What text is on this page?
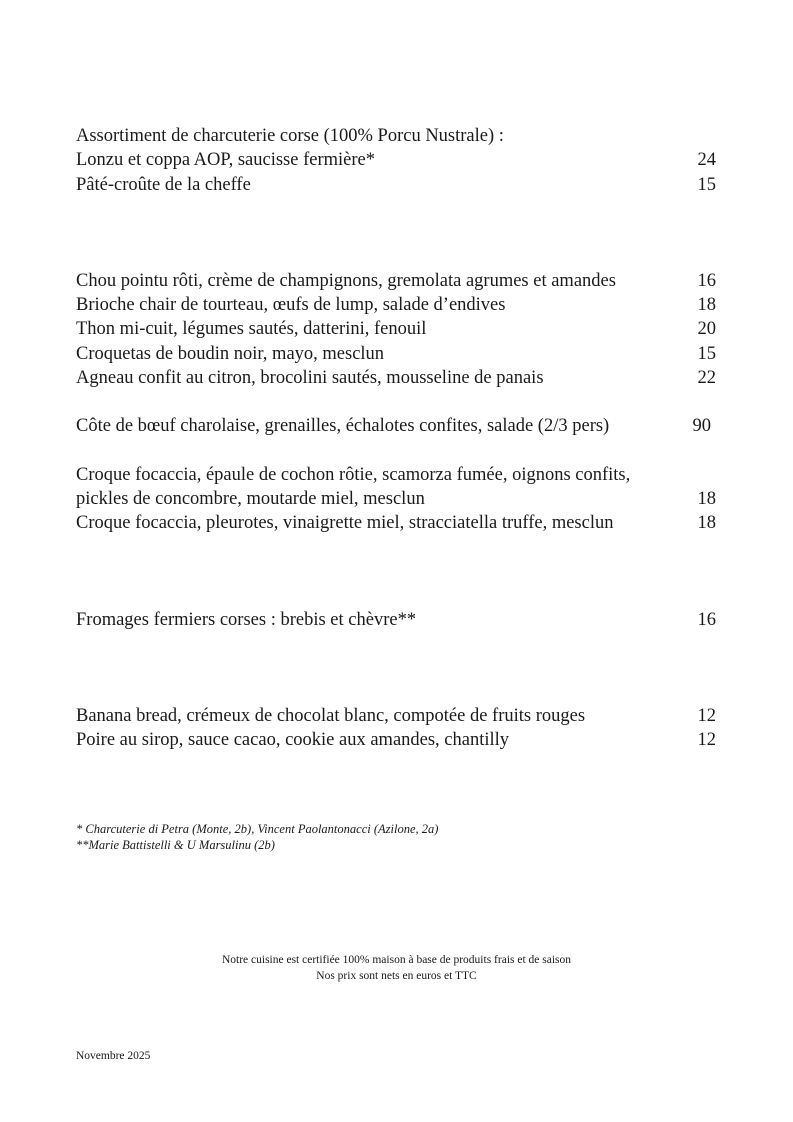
Assortiment de charcuterie corse (100% Porcu Nustrale) :
Lonzu et coppa AOP, saucisse fermière*	24
Pâté-croûte de la cheffe	15
Chou pointu rôti, crème de champignons, gremolata agrumes et amandes	16
Brioche chair de tourteau, œufs de lump, salade d’endives	18
Thon mi-cuit, légumes sautés, datterini, fenouil	20
Croquetas de boudin noir, mayo, mesclun	15
Agneau confit au citron, brocolini sautés, mousseline de panais	22
Côte de bœuf charolaise, grenailles, échalotes confites, salade (2/3 pers)	90
Croque focaccia, épaule de cochon rôtie, scamorza fumée, oignons confits,
pickles de concombre, moutarde miel, mesclun	18
Croque focaccia, pleurotes, vinaigrette miel, stracciatella truffe, mesclun	18
Fromages fermiers corses : brebis et chèvre**	16
Banana bread, crémeux de chocolat blanc, compotée de fruits rouges	12
Poire au sirop, sauce cacao, cookie aux amandes, chantilly	12
* Charcuterie di Petra (Monte, 2b), Vincent Paolantonacci (Azilone, 2a)
**Marie Battistelli & U Marsulinu (2b)
Notre cuisine est certifiée 100% maison à base de produits frais et de saison
Nos prix sont nets en euros et TTC
Novembre 2025
